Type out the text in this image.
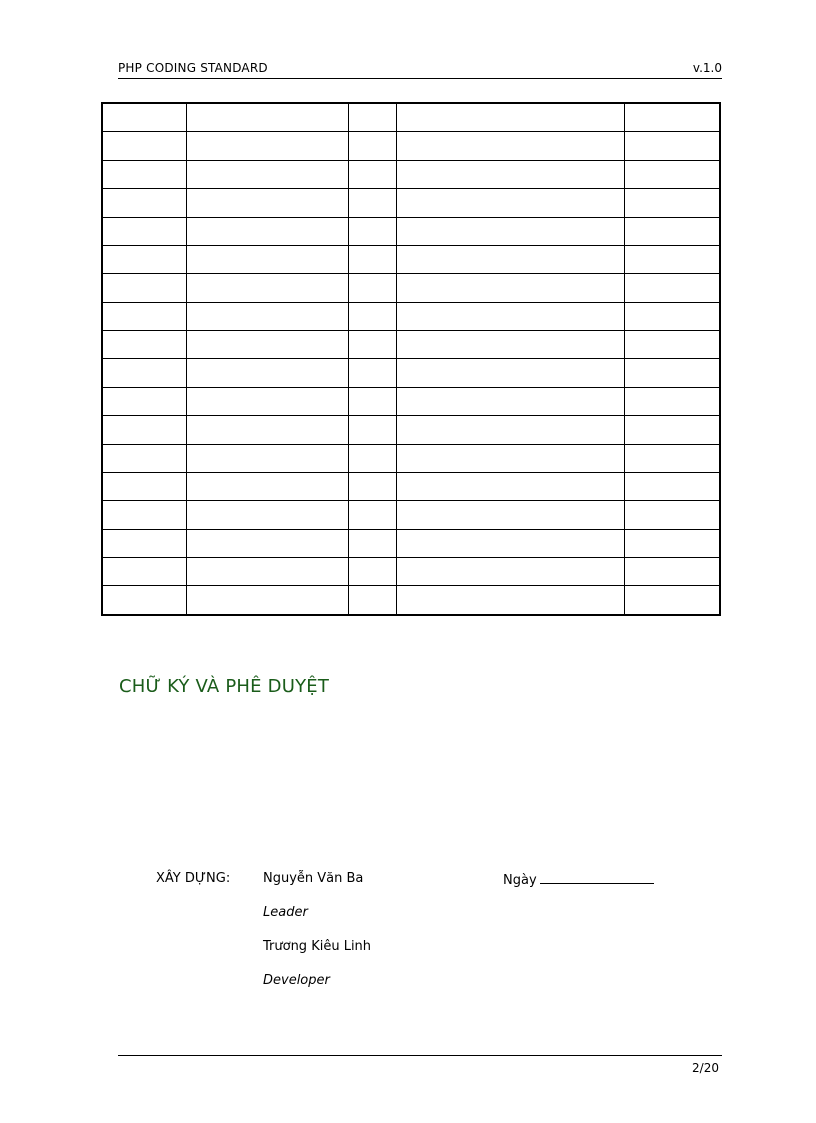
PHP CODING STANDARD	v.1.0

CHỮ KÝ VÀ PHÊ DUYỆT
XÂY DỰNG:	Nguyễn Văn Ba
Leader
Trương Kiêu Linh
Developer
Ngày
2/20
